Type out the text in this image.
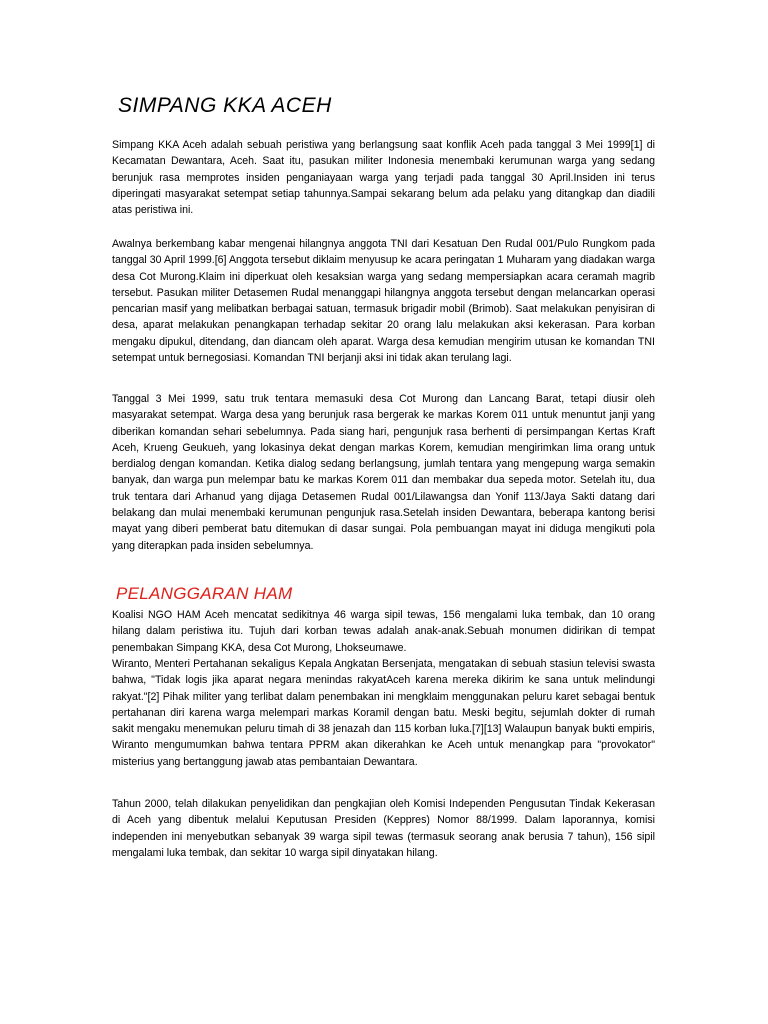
SIMPANG KKA ACEH

Simpang KKA Aceh adalah sebuah peristiwa yang berlangsung saat konflik Aceh pada tanggal 3 Mei 1999[1] di Kecamatan Dewantara, Aceh. Saat itu, pasukan militer Indonesia menembaki kerumunan warga yang sedang berunjuk rasa memprotes insiden penganiayaan warga yang terjadi pada tanggal 30 April.Insiden ini terus diperingati masyarakat setempat setiap tahunnya.Sampai sekarang belum ada pelaku yang ditangkap dan diadili atas peristiwa ini.

Awalnya berkembang kabar mengenai hilangnya anggota TNI dari Kesatuan Den Rudal 001/Pulo Rungkom pada tanggal 30 April 1999.[6] Anggota tersebut diklaim menyusup ke acara peringatan 1 Muharam yang diadakan warga desa Cot Murong.Klaim ini diperkuat oleh kesaksian warga yang sedang mempersiapkan acara ceramah magrib tersebut. Pasukan militer Detasemen Rudal menanggapi hilangnya anggota tersebut dengan melancarkan operasi pencarian masif yang melibatkan berbagai satuan, termasuk brigadir mobil (Brimob). Saat melakukan penyisiran di desa, aparat melakukan penangkapan terhadap sekitar 20 orang lalu melakukan aksi kekerasan. Para korban mengaku dipukul, ditendang, dan diancam oleh aparat. Warga desa kemudian mengirim utusan ke komandan TNI setempat untuk bernegosiasi. Komandan TNI berjanji aksi ini tidak akan terulang lagi.

Tanggal 3 Mei 1999, satu truk tentara memasuki desa Cot Murong dan Lancang Barat, tetapi diusir oleh masyarakat setempat. Warga desa yang berunjuk rasa bergerak ke markas Korem 011 untuk menuntut janji yang diberikan komandan sehari sebelumnya. Pada siang hari, pengunjuk rasa berhenti di persimpangan Kertas Kraft Aceh, Krueng Geukueh, yang lokasinya dekat dengan markas Korem, kemudian mengirimkan lima orang untuk berdialog dengan komandan. Ketika dialog sedang berlangsung, jumlah tentara yang mengepung warga semakin banyak, dan warga pun melempar batu ke markas Korem 011 dan membakar dua sepeda motor. Setelah itu, dua truk tentara dari Arhanud yang dijaga Detasemen Rudal 001/Lilawangsa dan Yonif 113/Jaya Sakti datang dari belakang dan mulai menembaki kerumunan pengunjuk rasa.Setelah insiden Dewantara, beberapa kantong berisi mayat yang diberi pemberat batu ditemukan di dasar sungai. Pola pembuangan mayat ini diduga mengikuti pola yang diterapkan pada insiden sebelumnya.

PELANGGARAN HAM

Koalisi NGO HAM Aceh mencatat sedikitnya 46 warga sipil tewas, 156 mengalami luka tembak, dan 10 orang hilang dalam peristiwa itu. Tujuh dari korban tewas adalah anak-anak.Sebuah monumen didirikan di tempat penembakan Simpang KKA, desa Cot Murong, Lhokseumawe.

Wiranto, Menteri Pertahanan sekaligus Kepala Angkatan Bersenjata, mengatakan di sebuah stasiun televisi swasta bahwa, "Tidak logis jika aparat negara menindas rakyatAceh karena mereka dikirim ke sana untuk melindungi rakyat."[2] Pihak militer yang terlibat dalam penembakan ini mengklaim menggunakan peluru karet sebagai bentuk pertahanan diri karena warga melempari markas Koramil dengan batu. Meski begitu, sejumlah dokter di rumah sakit mengaku menemukan peluru timah di 38 jenazah dan 115 korban luka.[7][13] Walaupun banyak bukti empiris, Wiranto mengumumkan bahwa tentara PPRM akan dikerahkan ke Aceh untuk menangkap para "provokator" misterius yang bertanggung jawab atas pembantaian Dewantara.

Tahun 2000, telah dilakukan penyelidikan dan pengkajian oleh Komisi Independen Pengusutan Tindak Kekerasan di Aceh yang dibentuk melalui Keputusan Presiden (Keppres) Nomor 88/1999. Dalam laporannya, komisi independen ini menyebutkan sebanyak 39 warga sipil tewas (termasuk seorang anak berusia 7 tahun), 156 sipil mengalami luka tembak, dan sekitar 10 warga sipil dinyatakan hilang.
